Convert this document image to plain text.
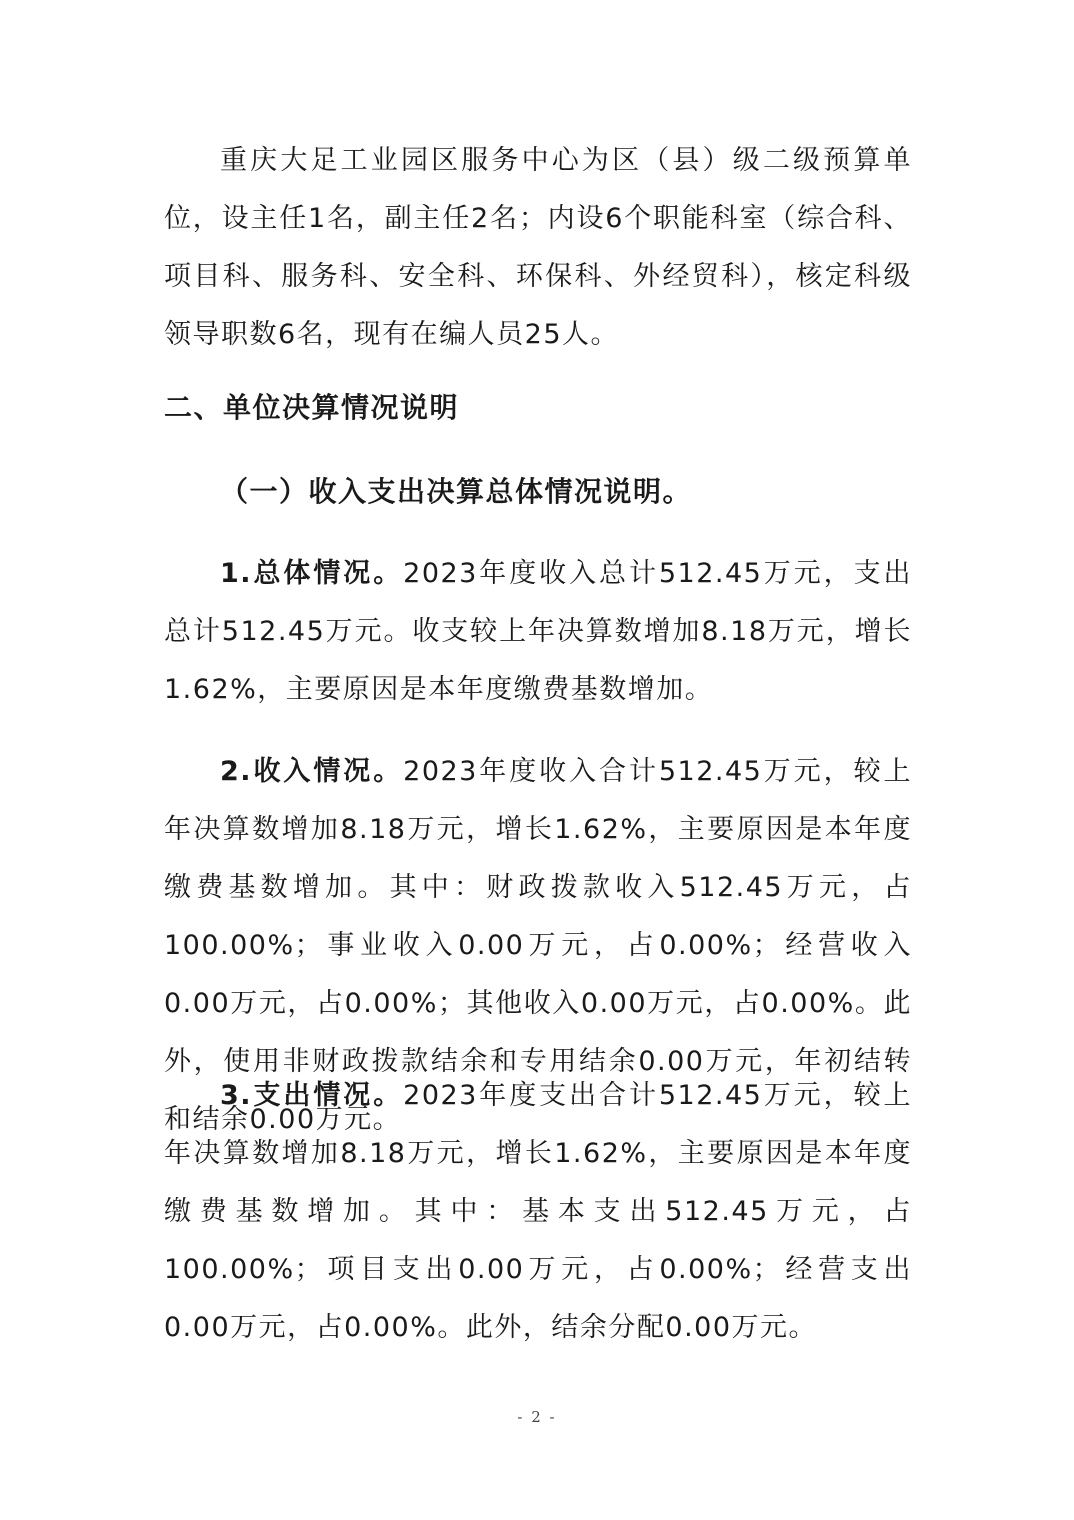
重庆大足工业园区服务中心为区（县）级二级预算单位，设主任1名，副主任2名；内设6个职能科室（综合科、项目科、服务科、安全科、环保科、外经贸科），核定科级领导职数6名，现有在编人员25人。

二、单位决算情况说明
（一）收入支出决算总体情况说明。

1.总体情况。2023年度收入总计512.45万元，支出总计512.45万元。收支较上年决算数增加8.18万元，增长1.62%，主要原因是本年度缴费基数增加。

2.收入情况。2023年度收入合计512.45万元，较上年决算数增加8.18万元，增长1.62%，主要原因是本年度缴费基数增加。其中：财政拨款收入512.45万元，占100.00%；事业收入0.00万元，占0.00%；经营收入0.00万元，占0.00%；其他收入0.00万元，占0.00%。此外，使用非财政拨款结余和专用结余0.00万元，年初结转和结余0.00万元。

3.支出情况。2023年度支出合计512.45万元，较上年决算数增加8.18万元，增长1.62%，主要原因是本年度缴费基数增加。其中：基本支出512.45万元，占100.00%；项目支出0.00万元，占0.00%；经营支出0.00万元，占0.00%。此外，结余分配0.00万元。

- 2 -
